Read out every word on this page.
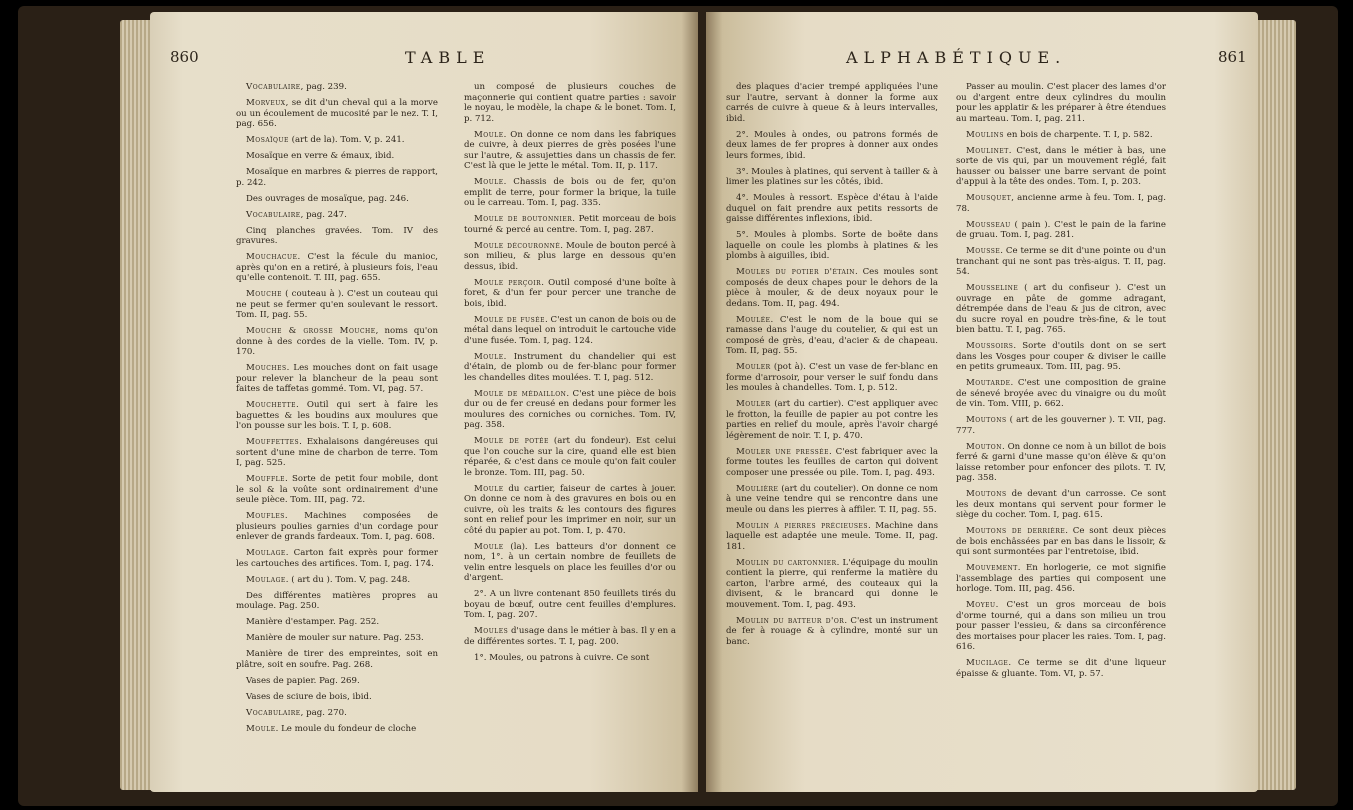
860	TABLE

Vocabulaire, pag. 239.

Morveux, se dit d'un cheval qui a la morve ou un écoulement de mucosité par le nez. T. I, pag. 656.

Mosaïque (art de la). Tom. V, p. 241.

Mosaïque en verre & émaux, ibid.

Mosaïque en marbres & pierres de rapport, p. 242.

Des ouvrages de mosaïque, pag. 246.

Vocabulaire, pag. 247.

Cinq planches gravées. Tom. IV des gravures.

Mouchacue. C'est la fécule du manioc, après qu'on en a retiré, à plusieurs fois, l'eau qu'elle contenoit. T. III, pag. 655.

Mouche ( couteau à ). C'est un couteau qui ne peut se fermer qu'en soulevant le ressort. Tom. II, pag. 55.

Mouche & grosse Mouche, noms qu'on donne à des cordes de la vielle. Tom. IV, p. 170.

Mouches. Les mouches dont on fait usage pour relever la blancheur de la peau sont faites de taffetas gommé. Tom. VI, pag. 57.

Mouchette. Outil qui sert à faire les baguettes & les boudins aux moulures que l'on pousse sur les bois. T. I, p. 608.

Mouffettes. Exhalaisons dangéreuses qui sortent d'une mine de charbon de terre. Tom I, pag. 525.

Mouffle. Sorte de petit four mobile, dont le sol & la voûte sont ordinairement d'une seule pièce. Tom. III, pag. 72.

Moufles. Machines composées de plusieurs poulies garnies d'un cordage pour enlever de grands fardeaux. Tom. I, pag. 608.

Moulage. Carton fait exprès pour former les cartouches des artifices. Tom. I, pag. 174.

Moulage. ( art du ). Tom. V, pag. 248.

Des différentes matières propres au moulage. Pag. 250.

Manière d'estamper. Pag. 252.

Manière de mouler sur nature. Pag. 253.

Manière de tirer des empreintes, soit en plâtre, soit en soufre. Pag. 268.

Vases de papier. Pag. 269.

Vases de sciure de bois, ibid.

Vocabulaire, pag. 270.

Moule. Le moule du fondeur de cloche

un composé de plusieurs couches de maçonnerie qui contient quatre parties : savoir le noyau, le modèle, la chape & le bonet. Tom. I, p. 712.

Moule. On donne ce nom dans les fabriques de cuivre, à deux pierres de grès posées l'une sur l'autre, & assujetties dans un chassis de fer. C'est là que le jette le métal. Tom. II, p. 117.

Moule. Chassis de bois ou de fer, qu'on emplit de terre, pour former la brique, la tuile ou le carreau. Tom. I, pag. 335.

Moule de boutonnier. Petit morceau de bois tourné & percé au centre. Tom. I, pag. 287.

Moule découronné. Moule de bouton percé à son milieu, & plus large en dessous qu'en dessus, ibid.

Moule perçoir. Outil composé d'une boîte à foret, & d'un fer pour percer une tranche de bois, ibid.

Moule de fusée. C'est un canon de bois ou de métal dans lequel on introduit le cartouche vide d'une fusée. Tom. I, pag. 124.

Moule. Instrument du chandelier qui est d'étain, de plomb ou de fer-blanc pour former les chandelles dites moulées. T. I, pag. 512.

Moule de médaillon. C'est une pièce de bois dur ou de fer creusé en dedans pour former les moulures des corniches ou corniches. Tom. IV, pag. 358.

Moule de potée (art du fondeur). Est celui que l'on couche sur la cire, quand elle est bien réparée, & c'est dans ce moule qu'on fait couler le bronze. Tom. III, pag. 50.

Moule du cartier, faiseur de cartes à jouer. On donne ce nom à des gravures en bois ou en cuivre, où les traits & les contours des figures sont en relief pour les imprimer en noir, sur un côté du papier au pot. Tom. I, p. 470.

Moule (la). Les batteurs d'or donnent ce nom, 1°. à un certain nombre de feuillets de velin entre lesquels on place les feuilles d'or ou d'argent.

2°. A un livre contenant 850 feuillets tirés du boyau de bœuf, outre cent feuilles d'emplures. Tom. I, pag. 207.

Moules d'usage dans le métier à bas. Il y en a de différentes sortes. T. I, pag. 200.

1°. Moules, ou patrons à cuivre. Ce sont

ALPHABÉTIQUE.	861

des plaques d'acier trempé appliquées l'une sur l'autre, servant à donner la forme aux carrés de cuivre à queue & à leurs intervalles, ibid.

2°. Moules à ondes, ou patrons formés de deux lames de fer propres à donner aux ondes leurs formes, ibid.

3°. Moules à platines, qui servent à tailler & à limer les platines sur les côtés, ibid.

4°. Moules à ressort. Espèce d'étau à l'aide duquel on fait prendre aux petits ressorts de gaisse différentes inflexions, ibid.

5°. Moules à plombs. Sorte de boëte dans laquelle on coule les plombs à platines & les plombs à aiguilles, ibid.

Moules du potier d'étain. Ces moules sont composés de deux chapes pour le dehors de la pièce à mouler, & de deux noyaux pour le dedans. Tom. II, pag. 494.

Moulée. C'est le nom de la boue qui se ramasse dans l'auge du coutelier, & qui est un composé de grès, d'eau, d'acier & de chapeau. Tom. II, pag. 55.

Mouler (pot à). C'est un vase de fer-blanc en forme d'arrosoir, pour verser le suif fondu dans les moules à chandelles. Tom. I, p. 512.

Mouler (art du cartier). C'est appliquer avec le frotton, la feuille de papier au pot contre les parties en relief du moule, après l'avoir chargé légèrement de noir. T. I, p. 470.

Mouler une pressée. C'est fabriquer avec la forme toutes les feuilles de carton qui doivent composer une pressée ou pile. Tom. I, pag. 493.

Moulière (art du coutelier). On donne ce nom à une veine tendre qui se rencontre dans une meule ou dans les pierres à affiler. T. II, pag. 55.

Moulin à pierres précieuses. Machine dans laquelle est adaptée une meule. Tome. II, pag. 181.

Moulin du cartonnier. L'équipage du moulin contient la pierre, qui renferme la matière du carton, l'arbre armé, des couteaux qui la divisent, & le brancard qui donne le mouvement. Tom. I, pag. 493.

Moulin du batteur d'or. C'est un instrument de fer à rouage & à cylindre, monté sur un banc.

Passer au moulin. C'est placer des lames d'or ou d'argent entre deux cylindres du moulin pour les applatir & les préparer à être étendues au marteau. Tom. I, pag. 211.

Moulins en bois de charpente. T. I, p. 582.

Moulinet. C'est, dans le métier à bas, une sorte de vis qui, par un mouvement réglé, fait hausser ou baisser une barre servant de point d'appui à la tête des ondes. Tom. I, p. 203.

Mousquet, ancienne arme à feu. Tom. I, pag. 78.

Mousseau ( pain ). C'est le pain de la farine de gruau. Tom. I, pag. 281.

Mousse. Ce terme se dit d'une pointe ou d'un tranchant qui ne sont pas très-aigus. T. II, pag. 54.

Mousseline ( art du confiseur ). C'est un ouvrage en pâte de gomme adragant, détrempée dans de l'eau & jus de citron, avec du sucre royal en poudre très-fine, & le tout bien battu. T. I, pag. 765.

Moussoirs. Sorte d'outils dont on se sert dans les Vosges pour couper & diviser le caille en petits grumeaux. Tom. III, pag. 95.

Moutarde. C'est une composition de graine de sénevé broyée avec du vinaigre ou du moût de vin. Tom. VIII, p. 662.

Moutons ( art de les gouverner ). T. VII, pag. 777.

Mouton. On donne ce nom à un billot de bois ferré & garni d'une masse qu'on élève & qu'on laisse retomber pour enfoncer des pilots. T. IV, pag. 358.

Moutons de devant d'un carrosse. Ce sont les deux montans qui servent pour former le siège du cocher. Tom. I, pag. 615.

Moutons de derrière. Ce sont deux pièces de bois enchâssées par en bas dans le lissoir, & qui sont surmontées par l'entretoise, ibid.

Mouvement. En horlogerie, ce mot signifie l'assemblage des parties qui composent une horloge. Tom. III, pag. 456.

Moyeu. C'est un gros morceau de bois d'orme tourné, qui a dans son milieu un trou pour passer l'essieu, & dans sa circonférence des mortaises pour placer les raies. Tom. I, pag. 616.

Mucilage. Ce terme se dit d'une liqueur épaisse & gluante. Tom. VI, p. 57.
